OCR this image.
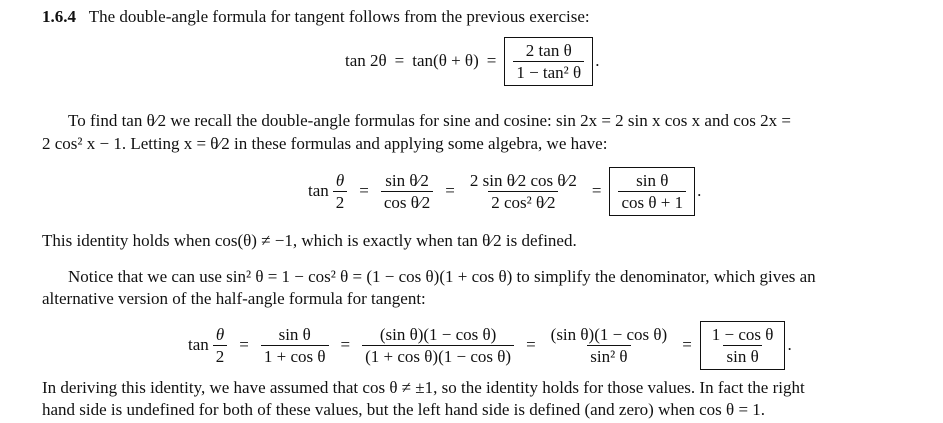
1.6.4 The double-angle formula for tangent follows from the previous exercise:
$\tan 2\theta = \tan(\theta + \theta) = \frac{\text{2 tan θ}}{\text{1 − tan² θ}}$ .
To find tan θ⁄2 we recall the double-angle formulas for sine and cosine: sin 2x = 2 sin x cos x and cos 2x =
2 cos² x − 1. Letting x = θ⁄2 in these formulas and applying some algebra, we have:
$\tan \frac{\theta}{2} = \frac{\text{sin θ⁄2}}{\text{cos θ⁄2}} = \frac{\text{2 sin θ⁄2 cos θ⁄2}}{\text{2 cos² θ⁄2}} = \frac{\text{sin θ}}{\text{cos θ + 1}}$ .
This identity holds when cos(θ) ≠ −1, which is exactly when tan θ⁄2 is defined.
Notice that we can use sin² θ = 1 − cos² θ = (1 − cos θ)(1 + cos θ) to simplify the denominator, which gives an
alternative version of the half-angle formula for tangent:
$\tan \frac{\theta}{2} = \frac{\text{sin θ}}{\text{1 + cos θ}} = \frac{\text{(sin θ)(1 − cos θ)}}{\text{(1 + cos θ)(1 − cos θ)}} = \frac{\text{(sin θ)(1 − cos θ)}}{\text{sin² θ}} = \frac{\text{1 − cos θ}}{\text{sin θ}}$ .
In deriving this identity, we have assumed that cos θ ≠ ±1, so the identity holds for those values. In fact the right
hand side is undefined for both of these values, but the left hand side is defined (and zero) when cos θ = 1.
